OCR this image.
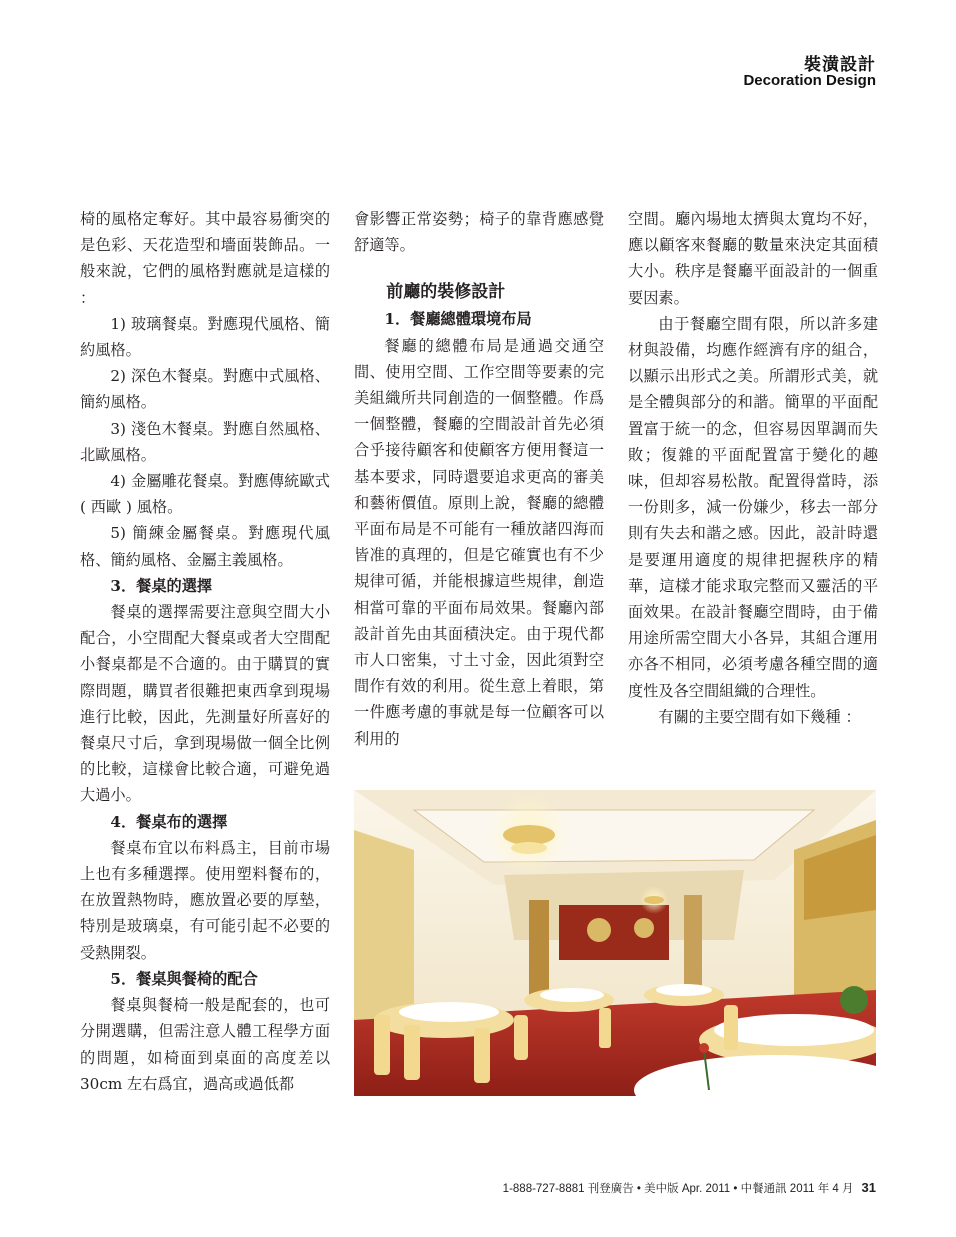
裝潢設計
Decoration Design

椅的風格定奪好。其中最容易衝突的是色彩、天花造型和墻面裝飾品。一般來說，它們的風格對應就是這樣的 ：

1) 玻璃餐桌。對應現代風格、簡約風格。

2) 深色木餐桌。對應中式風格、簡約風格。

3) 淺色木餐桌。對應自然風格、北歐風格。

4) 金屬雕花餐桌。對應傳統歐式 ( 西歐 ) 風格。

5) 簡練金屬餐桌。對應現代風格、簡約風格、金屬主義風格。

3．餐桌的選擇

餐桌的選擇需要注意與空間大小配合，小空間配大餐桌或者大空間配小餐桌都是不合適的。由于購買的實際問題，購買者很難把東西拿到現場進行比較，因此，先測量好所喜好的餐桌尺寸后，拿到現場做一個全比例的比較，這樣會比較合適，可避免過大過小。

4．餐桌布的選擇

餐桌布宜以布料爲主，目前市場上也有多種選擇。使用塑料餐布的，在放置熱物時，應放置必要的厚墊，特別是玻璃桌，有可能引起不必要的受熱開裂。

5．餐桌與餐椅的配合

餐桌與餐椅一般是配套的，也可分開選購，但需注意人體工程學方面的問題，如椅面到桌面的高度差以 30cm 左右爲宜，過高或過低都

會影響正常姿勢；椅子的靠背應感覺舒適等。

前廳的裝修設計

1．餐廳總體環境布局

餐廳的總體布局是通過交通空間、使用空間、工作空間等要素的完美組織所共同創造的一個整體。作爲一個整體，餐廳的空間設計首先必須合乎接待顧客和使顧客方便用餐這一基本要求，同時還要追求更高的審美和藝術價值。原則上說，餐廳的總體平面布局是不可能有一種放諸四海而皆准的真理的，但是它確實也有不少規律可循，并能根據這些規律，創造相當可靠的平面布局效果。餐廳內部設計首先由其面積決定。由于現代都市人口密集，寸土寸金，因此須對空間作有效的利用。從生意上着眼，第一件應考慮的事就是每一位顧客可以利用的

空間。廳內場地太擠與太寬均不好，應以顧客來餐廳的數量來決定其面積大小。秩序是餐廳平面設計的一個重要因素。

由于餐廳空間有限，所以許多建材與設備，均應作經濟有序的組合，以顯示出形式之美。所謂形式美，就是全體與部分的和諧。簡單的平面配置富于統一的念，但容易因單調而失敗；復雜的平面配置富于變化的趣味，但却容易松散。配置得當時，添一份則多，減一份嫌少，移去一部分則有失去和諧之感。因此，設計時還是要運用適度的規律把握秩序的精華，這樣才能求取完整而又靈活的平面效果。在設計餐廳空間時，由于備用途所需空間大小各异，其組合運用亦各不相同，必須考慮各種空間的適度性及各空間組織的合理性。

有關的主要空間有如下幾種 ：

1-888-727-8881 刊登廣告 • 美中版 Apr. 2011 • 中餐通訊 2011 年 4 月 31
